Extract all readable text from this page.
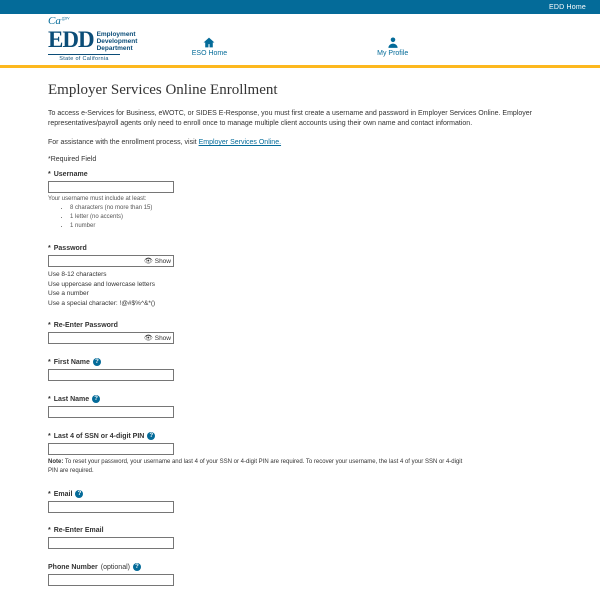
EDD Home
$Ca^{.gov}$
EDD Employment
Development
Department
State of California
ESO Home	My Profile
Employer Services Online Enrollment

To access e-Services for Business, eWOTC, or SIDES E-Response, you must first create a username and password in Employer Services Online. Employer representatives/payroll agents only need to enroll once to manage multiple client accounts using their own name and contact information.

For assistance with the enrollment process, visit Employer Services Online.

*Required Field

* Username

Your username must include at least:

• 8 characters (no more than 15)
• 1 letter (no accents)
• 1 number
* Password
👁 Show
Use 8-12 characters
Use uppercase and lowercase letters
Use a number
Use a special character: !@#$%^&*()
* Re-Enter Password
👁 Show
* First Name ?
* Last Name ?
* Last 4 of SSN or 4-digit PIN ?

Note: To reset your password, your username and last 4 of your SSN or 4-digit PIN are required. To recover your username, the last 4 of your SSN or 4-digit PIN are required.

* Email ?
* Re-Enter Email
Phone Number (optional) ?
